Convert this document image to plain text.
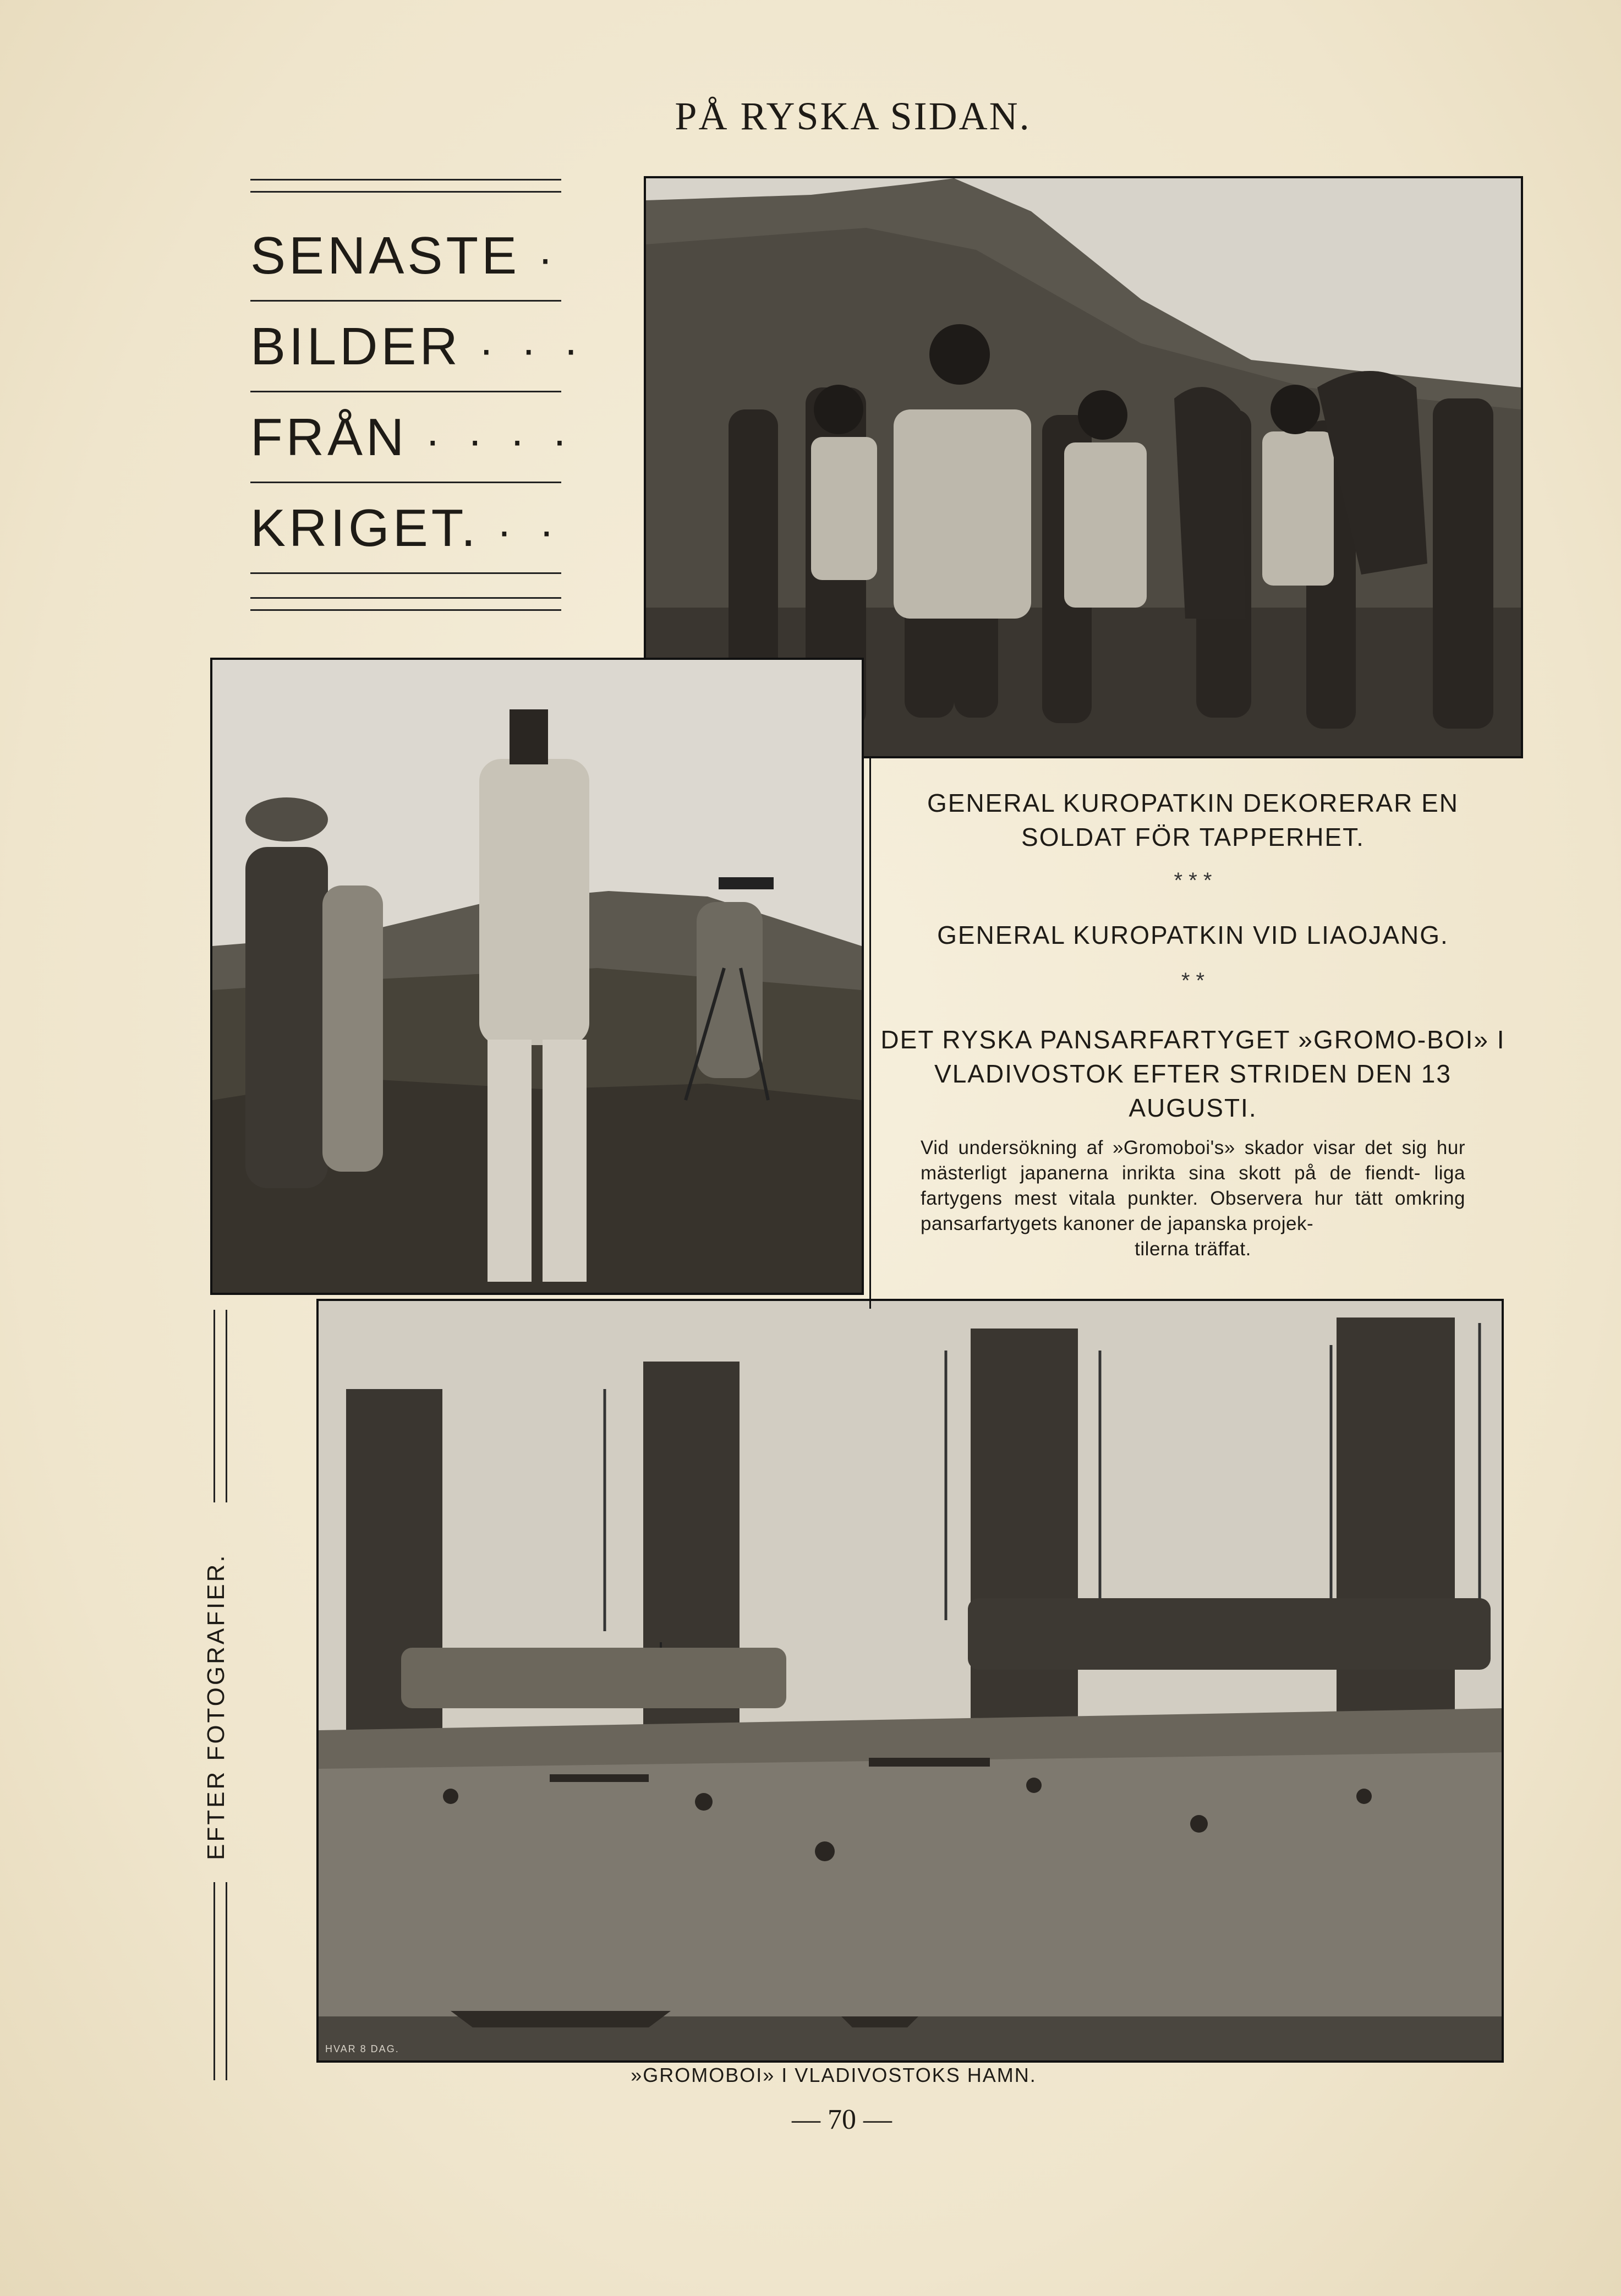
PÅ RYSKA SIDAN.
SENASTE ·
BILDER · · ·
FRÅN · · · ·
KRIGET. · ·
HVAR 8 DAG.
GENERAL KUROPATKIN DEKORERAR EN SOLDAT FÖR TAPPERHET.
* * *
GENERAL KUROPATKIN VID LIAOJANG.
* *
DET RYSKA PANSARFARTYGET »GROMO-BOI» I VLADIVOSTOK EFTER STRIDEN DEN 13 AUGUSTI.
Vid undersökning af »Gromoboi's» skador visar det sig hur mästerligt japanerna inrikta sina skott på de fiendt- liga fartygens mest vitala punkter. Observera hur tätt omkring pansarfartygets kanoner de japanska projek-
tilerna träffat.
EFTER FOTOGRAFIER.
»GROMOBOI» I VLADIVOSTOKS HAMN.
— 70 —
